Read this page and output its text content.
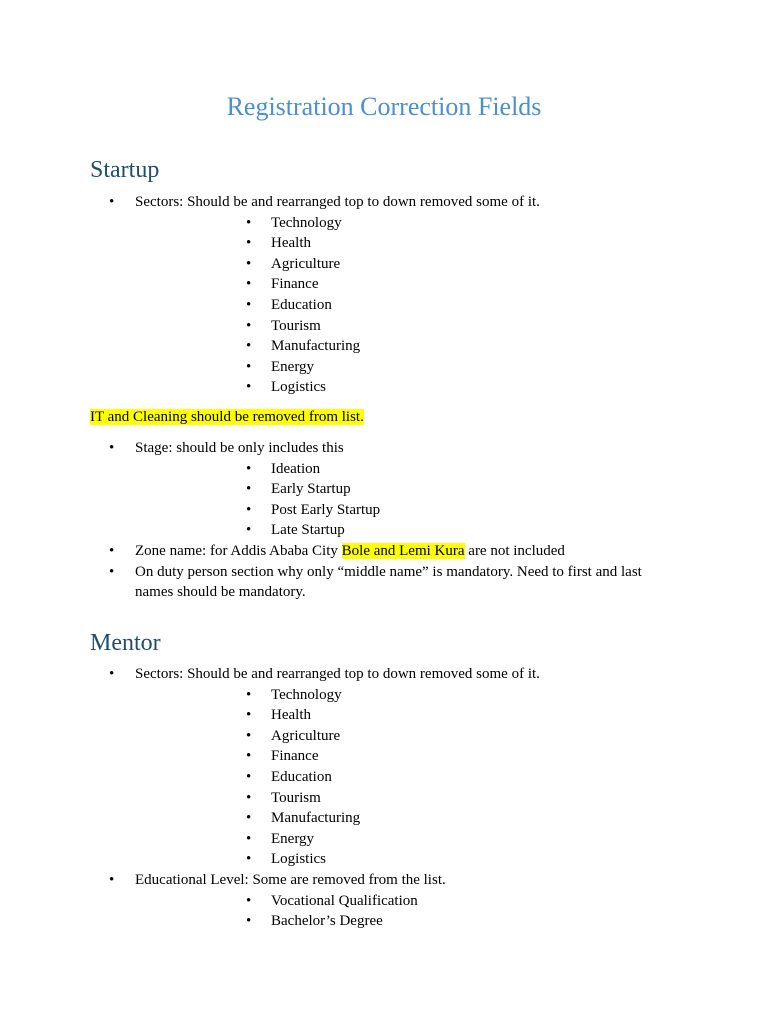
Registration Correction Fields
Startup
• Sectors: Should be and rearranged top to down removed some of it.
• Technology
• Health
• Agriculture
• Finance
• Education
• Tourism
• Manufacturing
• Energy
• Logistics

IT and Cleaning should be removed from list.

• Stage: should be only includes this
• Ideation
• Early Startup
• Post Early Startup
• Late Startup
• Zone name: for Addis Ababa City Bole and Lemi Kura are not included
• On duty person section why only “middle name” is mandatory. Need to first and last names should be mandatory.
Mentor
• Sectors: Should be and rearranged top to down removed some of it.
• Technology
• Health
• Agriculture
• Finance
• Education
• Tourism
• Manufacturing
• Energy
• Logistics
• Educational Level: Some are removed from the list.
• Vocational Qualification
• Bachelor’s Degree
